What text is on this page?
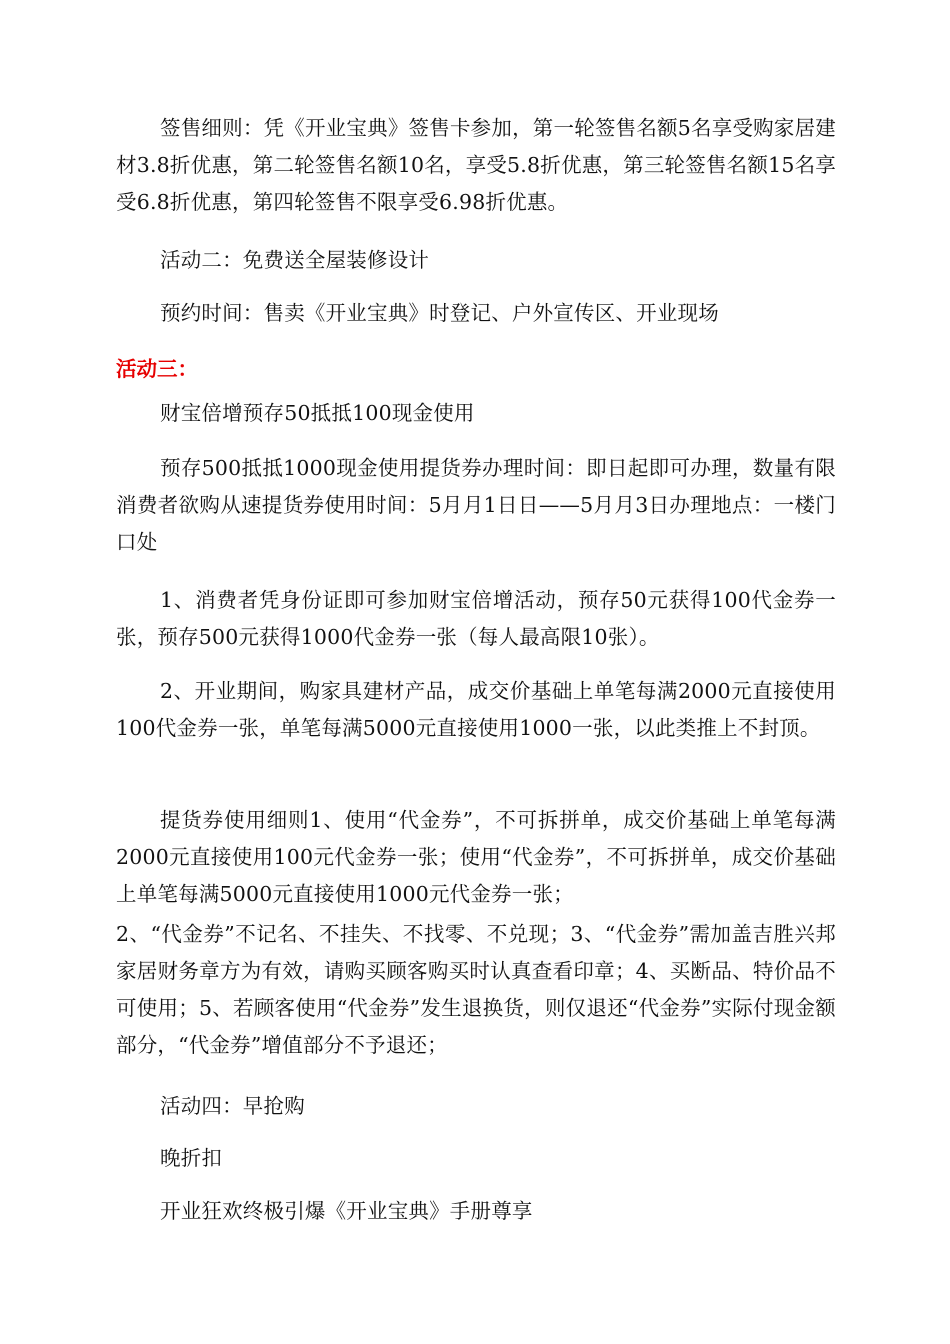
签售细则：凭《开业宝典》签售卡参加，第一轮签售名额5名享受购家居建材3.8折优惠，第二轮签售名额10名，享受5.8折优惠，第三轮签售名额15名享受6.8折优惠，第四轮签售不限享受6.98折优惠。

活动二：免费送全屋装修设计

预约时间：售卖《开业宝典》时登记、户外宣传区、开业现场

活动三：

财宝倍增预存50抵抵100现金使用

预存500抵抵1000现金使用提货券办理时间：即日起即可办理，数量有限消费者欲购从速提货券使用时间：5月月1日日——5月月3日办理地点：一楼门口处

1、消费者凭身份证即可参加财宝倍增活动，预存50元获得100代金券一张，预存500元获得1000代金券一张（每人最高限10张）。

2、开业期间，购家具建材产品，成交价基础上单笔每满2000元直接使用100代金券一张，单笔每满5000元直接使用1000一张，以此类推上不封顶。

提货券使用细则1、使用“代金券”，不可拆拼单，成交价基础上单笔每满2000元直接使用100元代金券一张；使用“代金券”，不可拆拼单，成交价基础上单笔每满5000元直接使用1000元代金券一张；

2、“代金券”不记名、不挂失、不找零、不兑现；3、“代金券”需加盖吉胜兴邦家居财务章方为有效，请购买顾客购买时认真查看印章；4、买断品、特价品不可使用；5、若顾客使用“代金券”发生退换货，则仅退还“代金券”实际付现金额部分，“代金券”增值部分不予退还；

活动四：早抢购

晚折扣

开业狂欢终极引爆《开业宝典》手册尊享
